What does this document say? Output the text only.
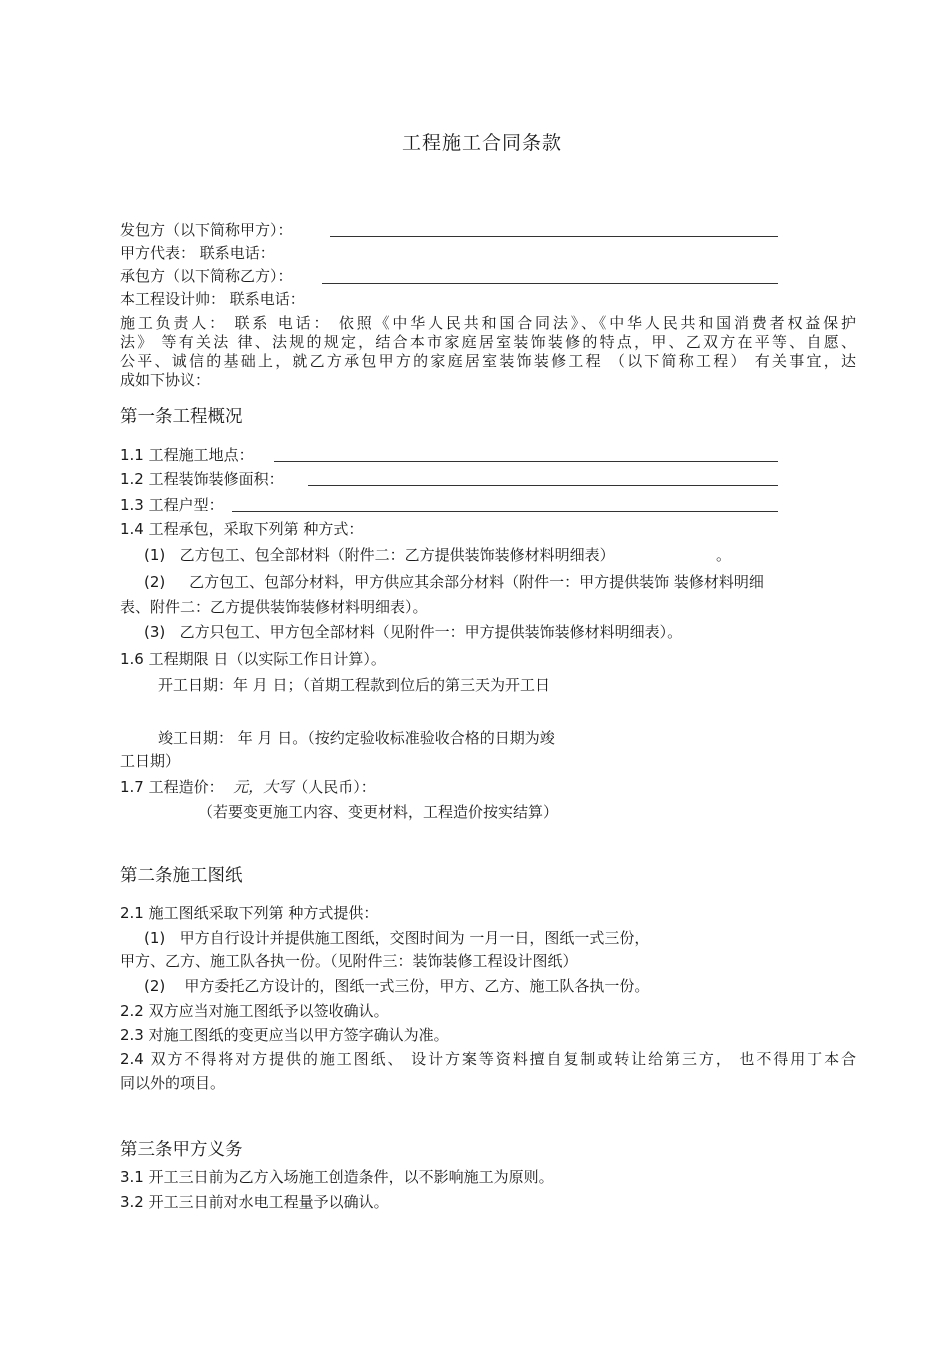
工程施工合同条款
发包方（以下简称甲方）：
甲方代表： 联系电话：
承包方（以下简称乙方）：
本工程设计帅： 联系电话：
施工负责人： 联系 电话： 依照《中华人民共和国合同法》、《中华人民共和国消费者权益保护
法》 等有关法 律、法规的规定，结合本市家庭居室装饰装修的特点，甲、乙双方在平等、自愿、
公平、诚信的基础上，就乙方承包甲方的家庭居室装饰装修工程 （以下简称工程） 有关事宜，达
成如下协议：
第一条工程概况
1.1 工程施工地点：
1.2 工程装饰装修面积：
1.3 工程户型：
1.4 工程承包，采取下列第 种方式：
(1) 乙方包工、包全部材料（附件二：乙方提供装饰装修材料明细表）	。
(2) 乙方包工、包部分材料，甲方供应其余部分材料（附件一：甲方提供装饰 装修材料明细
表、附件二：乙方提供装饰装修材料明细表）。
(3) 乙方只包工、甲方包全部材料（见附件一：甲方提供装饰装修材料明细表）。
1.6 工程期限 日（以实际工作日计算）。
开工日期：年 月 日；（首期工程款到位后的第三天为开工日
竣工日期： 年 月 日。（按约定验收标准验收合格的日期为竣
工日期）
1.7 工程造价： 元，大写（人民币）：
（若要变更施工内容、变更材料，工程造价按实结算）
第二条施工图纸
2.1 施工图纸采取下列第 种方式提供：
(1) 甲方自行设计并提供施工图纸，交图时间为 一月一日，图纸一式三份，
甲方、乙方、施工队各执一份。（见附件三：装饰装修工程设计图纸）
(2) 甲方委托乙方设计的，图纸一式三份，甲方、乙方、施工队各执一份。
2.2 双方应当对施工图纸予以签收确认。
2.3 对施工图纸的变更应当以甲方签字确认为准。
2.4 双方不得将对方提供的施工图纸、 设计方案等资料擅自复制或转让给第三方， 也不得用丁本合
同以外的项目。
第三条甲方义务
3.1 开工三日前为乙方入场施工创造条件，以不影响施工为原则。
3.2 开工三日前对水电工程量予以确认。
